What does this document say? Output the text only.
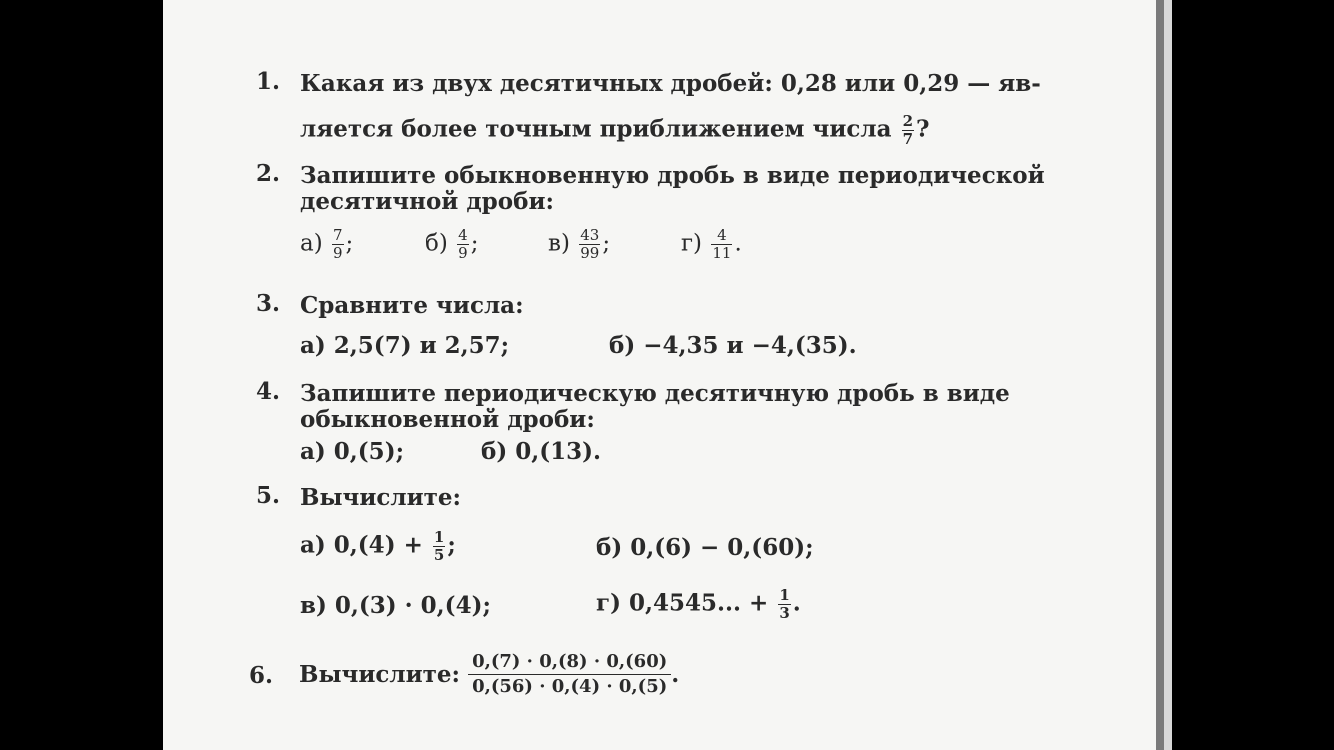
1. Какая из двух десятичных дробей: 0,28 или 0,29 — яв-
ляется более точным приближением числа $\frac{2}{7}$ ?
2. Запишите обыкновенную дробь в виде периодической
десятичной дроби:
$а) \frac{7}{9}$ ;	$б) \frac{4}{9}$ ;	$в) \frac{43}{99}$ ;	$г) \frac{4}{11}$ .
3. Сравните числа:
а) 2,5(7) и 2,57;	б) −4,35 и −4,(35).
4. Запишите периодическую десятичную дробь в виде
обыкновенной дроби:
а) 0,(5);	б) 0,(13).
5. Вычислите:
а) $0,(4) + \frac{1}{5}$ ;	б) 0,(6) − 0,(60);
в) 0,(3) · 0,(4);	г) 0,4545... + $\frac{1}{3}$ .
6. Вычислите: $\frac{0,(7) \cdot 0,(8) \cdot 0,(60)}{0,(56) \cdot 0,(4) \cdot 0,(5)}$ .
